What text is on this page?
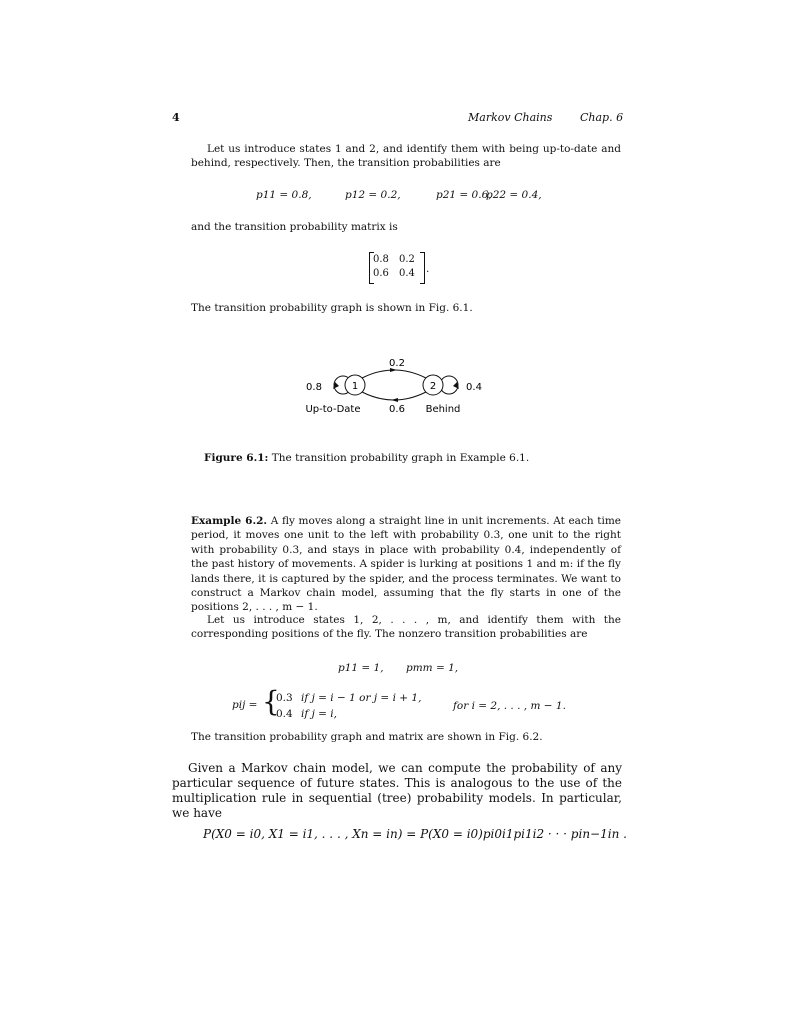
4	Markov Chains	Chap. 6
Let us introduce states 1 and 2, and identify them with being up-to-date and behind, respectively. Then, the transition probabilities are
p11 = 0.8,	p12 = 0.2,	p21 = 0.6,
p22 = 0.4,
and the transition probability matrix is
0.8 0.2
0.6 0.4 .
The transition probability graph is shown in Fig. 6.1.
1	2
0.2
0.6
0.8	0.4
Up-to-Date	Behind
Figure 6.1: The transition probability graph in Example 6.1.
Example 6.2. A fly moves along a straight line in unit increments. At each time period, it moves one unit to the left with probability 0.3, one unit to the right with probability 0.3, and stays in place with probability 0.4, independently of the past history of movements. A spider is lurking at positions 1 and m: if the fly lands there, it is captured by the spider, and the process terminates. We want to construct a Markov chain model, assuming that the fly starts in one of the positions 2, . . . , m − 1.
Let us introduce states 1, 2, . . . , m, and identify them with the corresponding positions of the fly. The nonzero transition probabilities are
p11 = 1, pmm = 1,
pij = {
0.3 if j = i − 1 or j = i + 1,
0.4 if j = i,
for i = 2, . . . , m − 1.
The transition probability graph and matrix are shown in Fig. 6.2.
Given a Markov chain model, we can compute the probability of any particular sequence of future states. This is analogous to the use of the multiplication rule in sequential (tree) probability models. In particular, we have
P(X0 = i0, X1 = i1, . . . , Xn = in) = P(X0 = i0)pi0i1pi1i2 · · · pin−1in .
